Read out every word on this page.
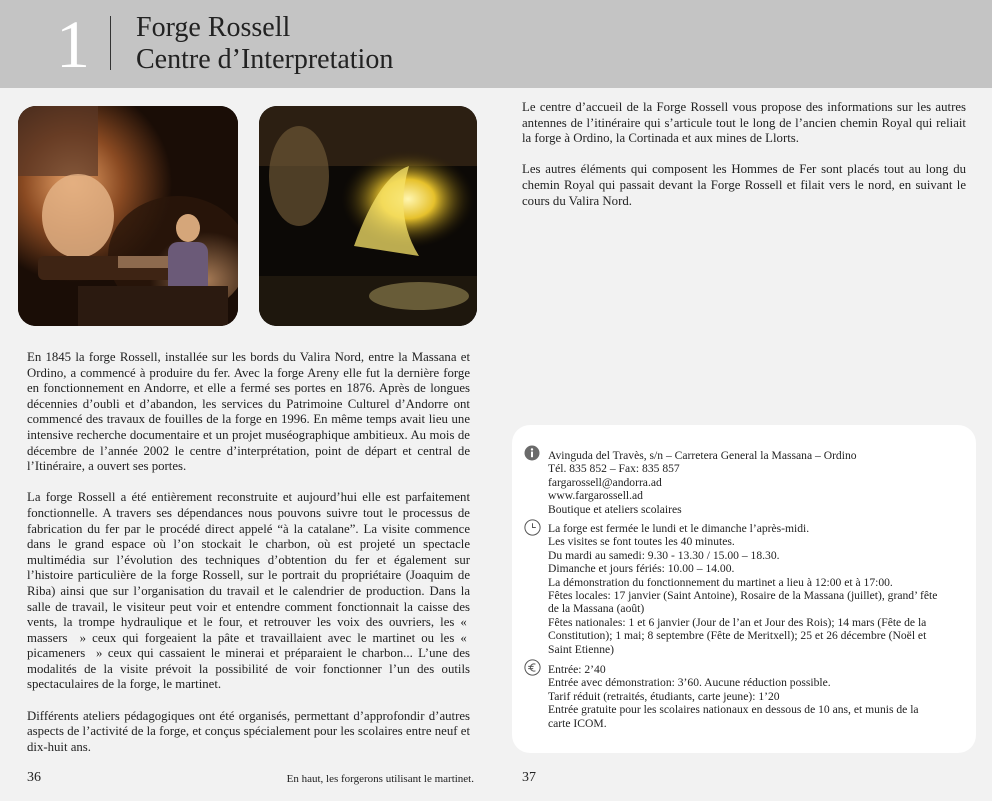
1 Forge Rossell
Centre d’Interpretation

Le centre d’accueil de la Forge Rossell vous propose des informations sur les autres antennes de l’itinéraire qui s’articule tout le long de l’ancien chemin Royal qui reliait la forge à Ordino, la Cortinada et aux mines de Llorts.

Les autres éléments qui composent les Hommes de Fer sont placés tout au long du chemin Royal qui passait devant la Forge Rossell et filait vers le nord, en suivant le cours du Valira Nord.

En 1845 la forge Rossell, installée sur les bords du Valira Nord, entre la Massana et Ordino, a commencé à produire du fer. Avec la forge Areny elle fut la dernière forge en fonctionnement en Andorre, et elle a fermé ses portes en 1876. Après de longues décennies d’oubli et d’abandon, les services du Patrimoine Culturel d’Andorre ont commencé des travaux de fouilles de la forge en 1996. En même temps avait lieu une intensive recherche documentaire et un projet muséographique ambitieux. Au mois de décembre de l’année 2002 le centre d’interprétation, point de départ et central de l’Itinéraire, a ouvert ses portes.

La forge Rossell a été entièrement reconstruite et aujourd’hui elle est parfaitement fonctionnelle. A travers ses dépendances nous pouvons suivre tout le processus de fabrication du fer par le procédé direct appelé “à la catalane”. La visite commence dans le grand espace où l’on stockait le charbon, où est projeté un spectacle multimédia sur l’évolution des techniques d’obtention du fer et également sur l’histoire particulière de la forge Rossell, sur le portrait du propriétaire (Joaquim de Riba) ainsi que sur l’organisation du travail et le calendrier de production. Dans la salle de travail, le visiteur peut voir et entendre comment fonctionnait la caisse des vents, la trompe hydraulique et le four, et retrouver les voix des ouvriers, les «  massers  » ceux qui forgeaient la pâte et travaillaient avec le martinet ou les «  picameners  » ceux qui cassaient le minerai et préparaient le charbon... L’une des modalités de la visite prévoit la possibilité de voir fonctionner l’un des outils spectaculaires de la forge, le martinet.

Différents ateliers pédagogiques ont été organisés, permettant d’approfondir d’autres aspects de l’activité de la forge, et conçus spécialement pour les scolaires entre neuf et dix-huit ans.

Avinguda del Travès, s/n – Carretera General la Massana – Ordino
Tél. 835 852 – Fax: 835 857
fargarossell@andorra.ad
www.fargarossell.ad
Boutique et ateliers scolaires
La forge est fermée le lundi et le dimanche l’après-midi.
Les visites se font toutes les 40 minutes.
Du mardi au samedi: 9.30 - 13.30 / 15.00 – 18.30.
Dimanche et jours fériés: 10.00 – 14.00.
La démonstration du fonctionnement du martinet a lieu à 12:00 et à 17:00.
Fêtes locales: 17 janvier (Saint Antoine), Rosaire de la Massana (juillet), grand’ fête
de la Massana (août)
Fêtes nationales: 1 et 6 janvier (Jour de l’an et Jour des Rois); 14 mars (Fête de la
Constitution); 1 mai; 8 septembre (Fête de Meritxell); 25 et 26 décembre (Noël et
Saint Etienne)
Entrée: 2’40
Entrée avec démonstration: 3’60. Aucune réduction possible.
Tarif réduit (retraités, étudiants, carte jeune): 1’20
Entrée gratuite pour les scolaires nationaux en dessous de 10 ans, et munis de la
carte ICOM.
36	En haut, les forgerons utilisant le martinet.	37
